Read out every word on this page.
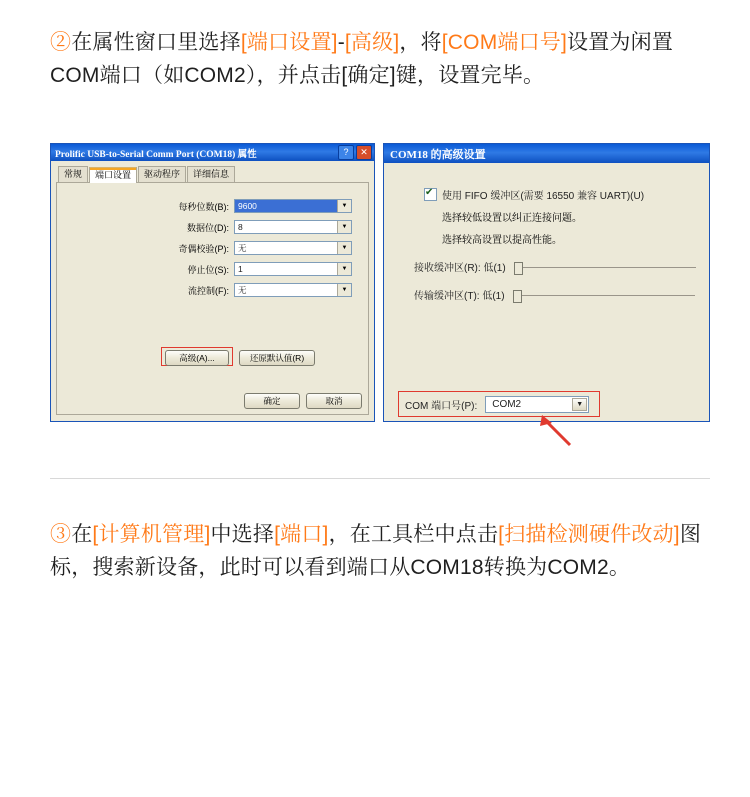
②在属性窗口里选择[端口设置]-[高级]，将[COM端口号]设置为闲置COM端口（如COM2），并点击[确定]键，设置完毕。
Prolific USB-to-Serial Comm Port (COM18) 属性	?	✕
常规	端口设置	驱动程序	详细信息
每秒位数(B): 9600	▼
数据位(D): 8	▼
奇偶校验(P): 无	▼
停止位(S): 1	▼
流控制(F): 无	▼
高级(A)...	还原默认值(R)
确定	取消
COM18 的高级设置
✔
使用 FIFO 缓冲区(需要 16550 兼容 UART)(U)
选择较低设置以纠正连接问题。
选择较高设置以提高性能。
接收缓冲区(R): 低(1)
传输缓冲区(T): 低(1)
COM 端口号(P): COM2	▼
③在[计算机管理]中选择[端口]，在工具栏中点击[扫描检测硬件改动]图标，搜索新设备，此时可以看到端口从COM18转换为COM2。
